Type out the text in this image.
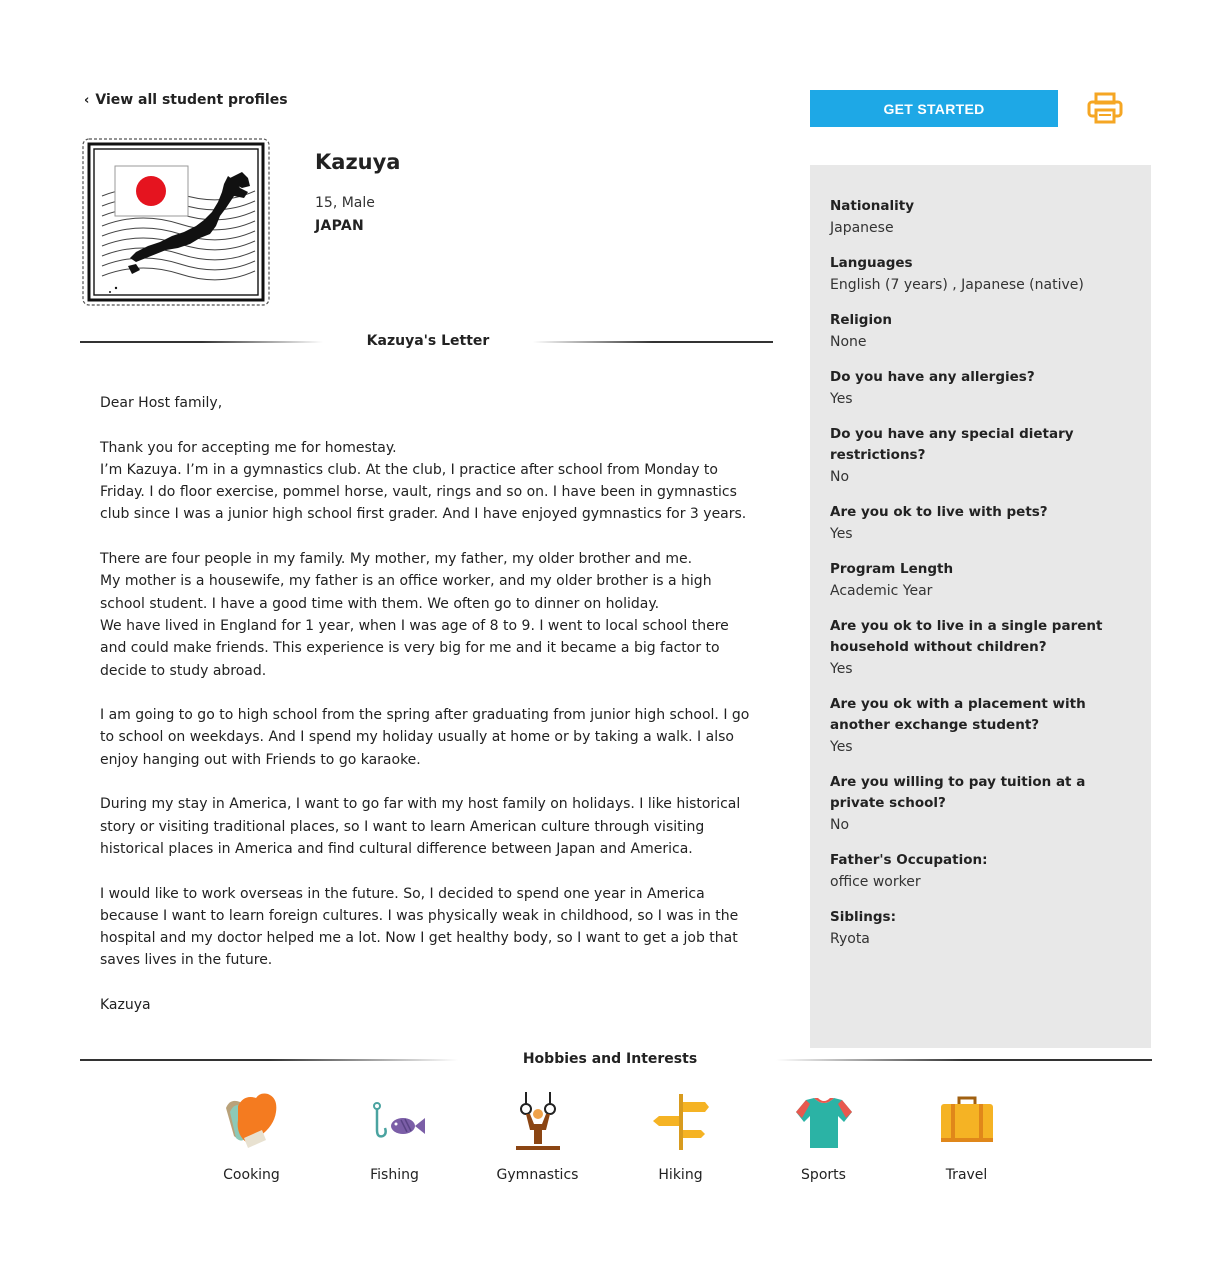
‹ View all student profiles
Kazuya
15, Male
JAPAN
Kazuya's Letter

Dear Host family,

Thank you for accepting me for homestay.
I’m Kazuya. I’m in a gymnastics club. At the club, I practice after school from Monday to Friday. I do floor exercise, pommel horse, vault, rings and so on. I have been in gymnastics club since I was a junior high school first grader. And I have enjoyed gymnastics for 3 years.

There are four people in my family. My mother, my father, my older brother and me.
My mother is a housewife, my father is an office worker, and my older brother is a high school student. I have a good time with them. We often go to dinner on holiday.
We have lived in England for 1 year, when I was age of 8 to 9. I went to local school there and could make friends. This experience is very big for me and it became a big factor to decide to study abroad.

I am going to go to high school from the spring after graduating from junior high school. I go to school on weekdays. And I spend my holiday usually at home or by taking a walk. I also enjoy hanging out with Friends to go karaoke.

During my stay in America, I want to go far with my host family on holidays. I like historical story or visiting traditional places, so I want to learn American culture through visiting historical places in America and find cultural difference between Japan and America.

I would like to work overseas in the future. So, I decided to spend one year in America because I want to learn foreign cultures. I was physically weak in childhood, so I was in the hospital and my doctor helped me a lot. Now I get healthy body, so I want to get a job that saves lives in the future.

Kazuya

GET STARTED
Nationality
Japanese
Languages
English (7 years) , Japanese (native)
Religion
None
Do you have any allergies?
Yes
Do you have any special dietary restrictions?
No
Are you ok to live with pets?
Yes
Program Length
Academic Year
Are you ok to live in a single parent household without children?
Yes
Are you ok with a placement with another exchange student?
Yes
Are you willing to pay tuition at a private school?
No
Father's Occupation:
office worker
Siblings:
Ryota
Hobbies and Interests
Cooking	Fishing	Gymnastics	Hiking	Sports	Travel
